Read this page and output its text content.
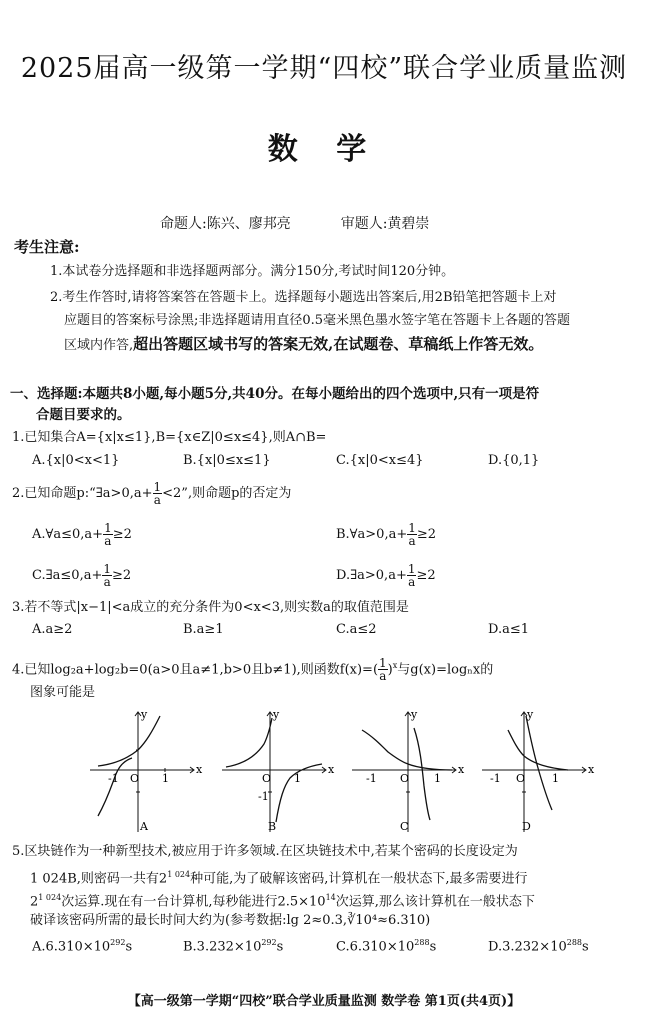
2025届高一级第一学期“四校”联合学业质量监测
数 学
命题人:陈兴、廖邦亮	审题人:黄碧崇
考生注意:
1.本试卷分选择题和非选择题两部分。满分150分,考试时间120分钟。
2.考生作答时,请将答案答在答题卡上。选择题每小题选出答案后,用2B铅笔把答题卡上对
应题目的答案标号涂黑;非选择题请用直径0.5毫米黑色墨水签字笔在答题卡上各题的答题
区域内作答,超出答题区域书写的答案无效,在试题卷、草稿纸上作答无效。
一、选择题:本题共8小题,每小题5分,共40分。在每小题给出的四个选项中,只有一项是符
合题目要求的。
1.已知集合A={x|x≤1},B={x∈Z|0≤x≤4},则A∩B=
A.{x|0<x<1}	B.{x|0≤x≤1}	C.{x|0<x≤4}	D.{0,1}
2.已知命题p:“∃a>0,a+ $\frac{1}{a} <2$”,则命题p的否定为
A.∀a≤0,a+ $\frac{1}{a} \ge 2$	B.∀a>0,a+ $\frac{1}{a} \ge 2$
C.∃a≤0,a+ $\frac{1}{a} \ge 2$	D.∃a>0,a+ $\frac{1}{a} \ge 2$
3.若不等式|x−1|<a成立的充分条件为0<x<3,则实数a的取值范围是
A.a≥2	B.a≥1	C.a≤2	D.a≤1
4.已知log₂a+log₂b=0(a>0且a≠1,b>0且b≠1),则函数$f(x)=( \frac{1}{a} )^x$与g(x)=logₙx的
图象可能是
y
x
O 1
-1
A
y
x
O 1
-1
B
y
x
O 1
-1
C
y
x
O 1
-1
D
5.区块链作为一种新型技术,被应用于许多领域.在区块链技术中,若某个密码的长度设定为
1 024B,则密码一共有$2^{1 024}$种可能,为了破解该密码,计算机在一般状态下,最多需要进行
$2^{1 024}$次运算.现在有一台计算机,每秒能进行$2.5\times 10^{14}$次运算,那么该计算机在一般状态下
破译该密码所需的最长时间大约为(参考数据:lg 2≈0.3,∛10⁴≈6.310)
$A.6.310\times 10^{292}s$	$B.3.232\times 10^{292}s$	$C.6.310\times 10^{288}s$	$D.3.232\times 10^{288}s$
【高一级第一学期“四校”联合学业质量监测 数学卷 第1页(共4页)】
